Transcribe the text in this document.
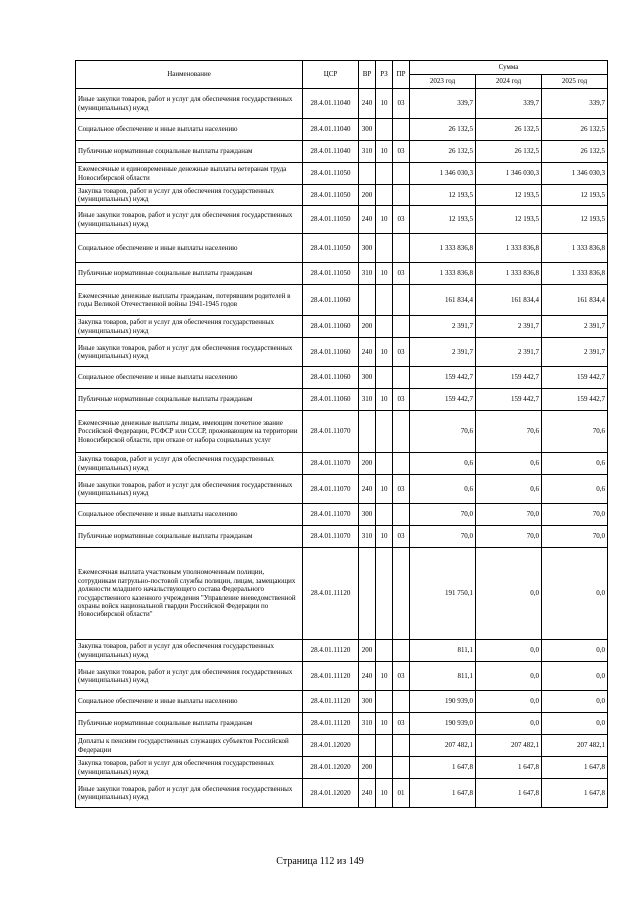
Наименование	ЦСР	ВР	РЗ	ПР	Сумма		
					2023 год	2024 год	2025 год
Иные закупки товаров, работ и услуг для обеспечения государственных (муниципальных) нужд	28.4.01.11040	240	10	03	339,7	339,7	339,7
Социальное обеспечение и иные выплаты населению	28.4.01.11040	300			26 132,5	26 132,5	26 132,5
Публичные нормативные социальные выплаты гражданам	28.4.01.11040	310	10	03	26 132,5	26 132,5	26 132,5
Ежемесячные и единовременные денежные выплаты ветеранам труда Новосибирской области	28.4.01.11050				1 346 030,3	1 346 030,3	1 346 030,3
Закупка товаров, работ и услуг для обеспечения государственных (муниципальных) нужд	28.4.01.11050	200			12 193,5	12 193,5	12 193,5
Иные закупки товаров, работ и услуг для обеспечения государственных (муниципальных) нужд	28.4.01.11050	240	10	03	12 193,5	12 193,5	12 193,5
Социальное обеспечение и иные выплаты населению	28.4.01.11050	300			1 333 836,8	1 333 836,8	1 333 836,8
Публичные нормативные социальные выплаты гражданам	28.4.01.11050	310	10	03	1 333 836,8	1 333 836,8	1 333 836,8
Ежемесячные денежные выплаты гражданам, потерявшим родителей в годы Великой Отечественной войны 1941-1945 годов	28.4.01.11060				161 834,4	161 834,4	161 834,4
Закупка товаров, работ и услуг для обеспечения государственных (муниципальных) нужд	28.4.01.11060	200			2 391,7	2 391,7	2 391,7
Иные закупки товаров, работ и услуг для обеспечения государственных (муниципальных) нужд	28.4.01.11060	240	10	03	2 391,7	2 391,7	2 391,7
Социальное обеспечение и иные выплаты населению	28.4.01.11060	300			159 442,7	159 442,7	159 442,7
Публичные нормативные социальные выплаты гражданам	28.4.01.11060	310	10	03	159 442,7	159 442,7	159 442,7
Ежемесячные денежные выплаты лицам, имеющим почетное звание Российской Федерации, РСФСР или СССР, проживающим на территории Новосибирской области, при отказе от набора социальных услуг	28.4.01.11070				70,6	70,6	70,6
Закупка товаров, работ и услуг для обеспечения государственных (муниципальных) нужд	28.4.01.11070	200			0,6	0,6	0,6
Иные закупки товаров, работ и услуг для обеспечения государственных (муниципальных) нужд	28.4.01.11070	240	10	03	0,6	0,6	0,6
Социальное обеспечение и иные выплаты населению	28.4.01.11070	300			70,0	70,0	70,0
Публичные нормативные социальные выплаты гражданам	28.4.01.11070	310	10	03	70,0	70,0	70,0
Ежемесячная выплата участковым уполномоченным полиции, сотрудникам патрульно-постовой службы полиции, лицам, замещающих должности младшего начальствующего состава Федерального государственного казенного учреждения "Управление вневедомственной охраны войск национальной гвардии Российской Федерации по Новосибирской области"	28.4.01.11120				191 750,1	0,0	0,0
Закупка товаров, работ и услуг для обеспечения государственных (муниципальных) нужд	28.4.01.11120	200			811,1	0,0	0,0
Иные закупки товаров, работ и услуг для обеспечения государственных (муниципальных) нужд	28.4.01.11120	240	10	03	811,1	0,0	0,0
Социальное обеспечение и иные выплаты населению	28.4.01.11120	300			190 939,0	0,0	0,0
Публичные нормативные социальные выплаты гражданам	28.4.01.11120	310	10	03	190 939,0	0,0	0,0
Доплаты к пенсиям государственных служащих субъектов Российской Федерации	28.4.01.12020				207 482,1	207 482,1	207 482,1
Закупка товаров, работ и услуг для обеспечения государственных (муниципальных) нужд	28.4.01.12020	200			1 647,8	1 647,8	1 647,8
Иные закупки товаров, работ и услуг для обеспечения государственных (муниципальных) нужд	28.4.01.12020	240	10	01	1 647,8	1 647,8	1 647,8
Страница 112 из 149
